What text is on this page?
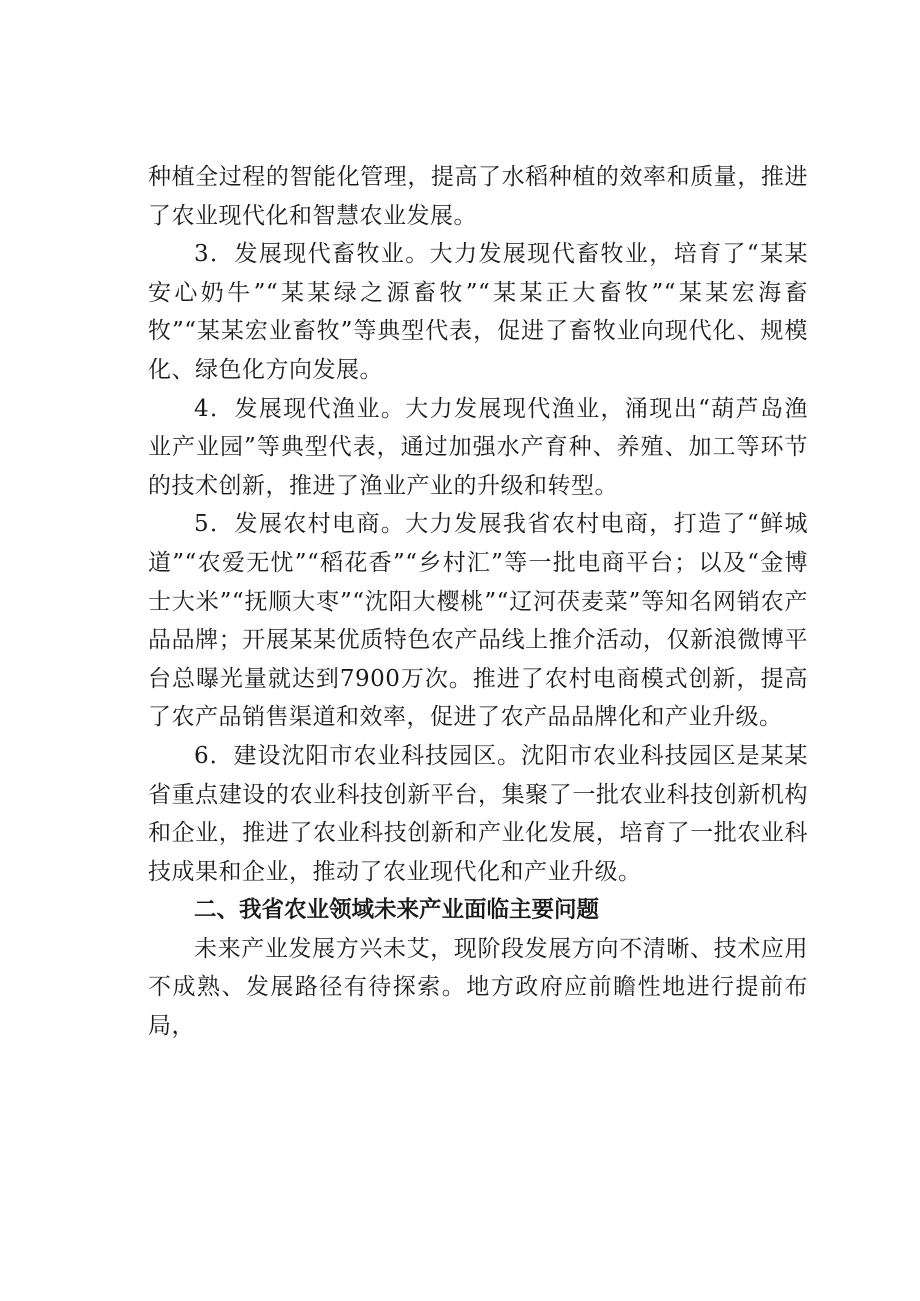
种植全过程的智能化管理，提高了水稻种植的效率和质量，推进了农业现代化和智慧农业发展。

3．发展现代畜牧业。大力发展现代畜牧业，培育了“某某安心奶牛”“某某绿之源畜牧”“某某正大畜牧”“某某宏海畜牧”“某某宏业畜牧”等典型代表，促进了畜牧业向现代化、规模化、绿色化方向发展。

4．发展现代渔业。大力发展现代渔业，涌现出“葫芦岛渔业产业园”等典型代表，通过加强水产育种、养殖、加工等环节的技术创新，推进了渔业产业的升级和转型。

5．发展农村电商。大力发展我省农村电商，打造了“鲜城道”“农爱无忧”“稻花香”“乡村汇”等一批电商平台；以及“金博士大米”“抚顺大枣”“沈阳大樱桃”“辽河茯麦菜”等知名网销农产品品牌；开展某某优质特色农产品线上推介活动，仅新浪微博平台总曝光量就达到7900万次。推进了农村电商模式创新，提高了农产品销售渠道和效率，促进了农产品品牌化和产业升级。

6．建设沈阳市农业科技园区。沈阳市农业科技园区是某某省重点建设的农业科技创新平台，集聚了一批农业科技创新机构和企业，推进了农业科技创新和产业化发展，培育了一批农业科技成果和企业，推动了农业现代化和产业升级。

二、我省农业领域未来产业面临主要问题

未来产业发展方兴未艾，现阶段发展方向不清晰、技术应用不成熟、发展路径有待探索。地方政府应前瞻性地进行提前布局，
